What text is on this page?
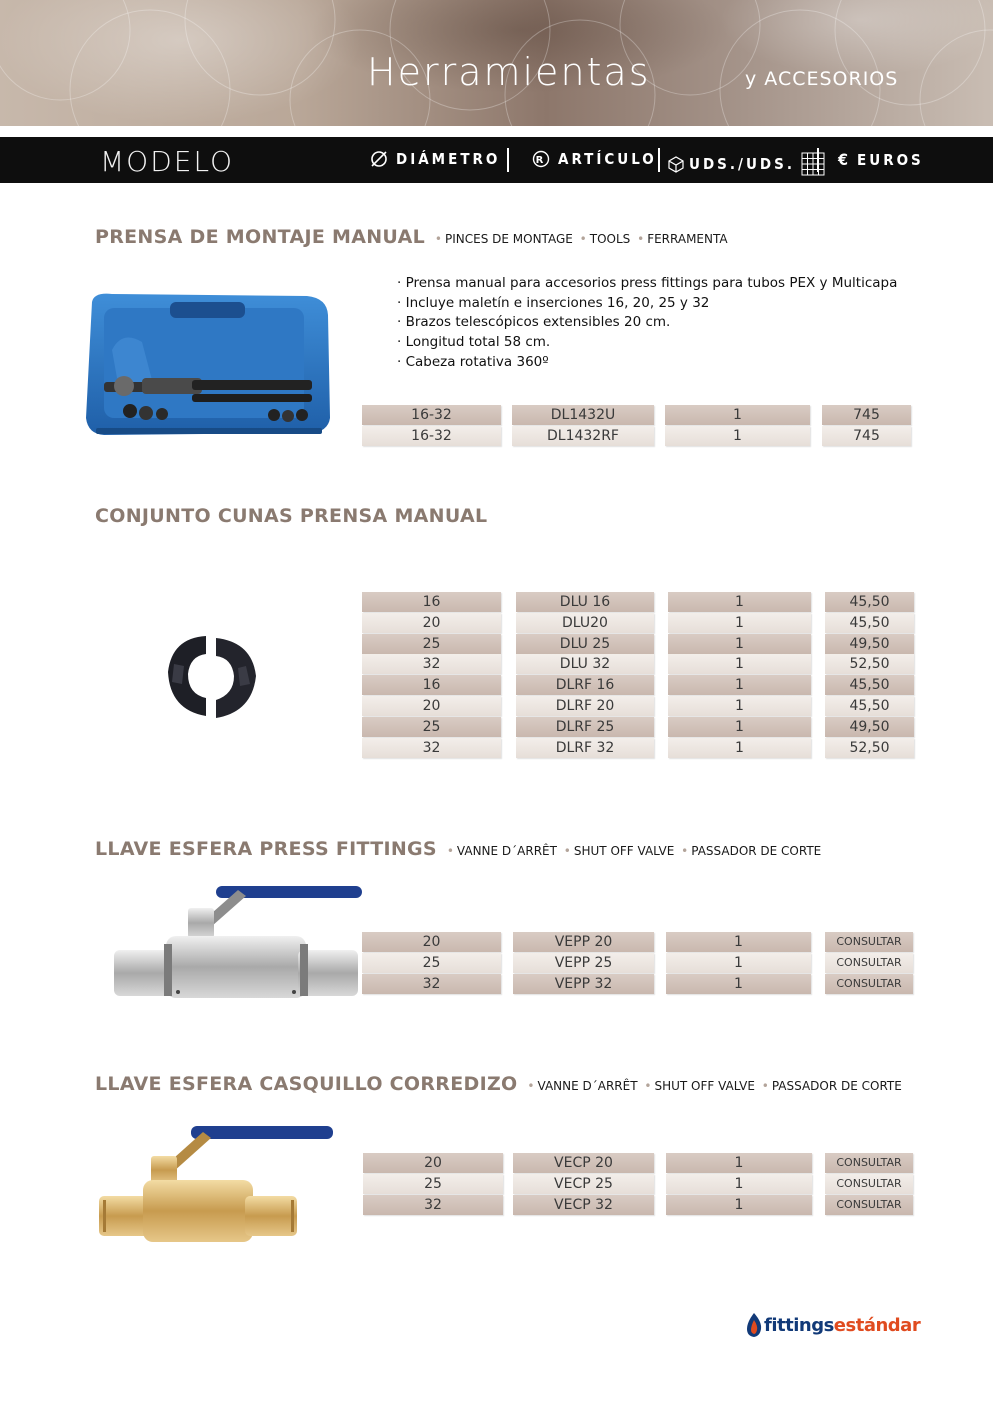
Herramientas	y ACCESORIOS
MODELO	DIÁMETRO	R ARTÍCULO UDS./UDS.	€ EUROS
PRENSA DE MONTAJE MANUAL • PINCES DE MONTAGE • TOOLS • FERRAMENTA
· Prensa manual para accesorios press fittings para tubos PEX y Multicapa
· Incluye maletín e inserciones 16, 20, 25 y 32
· Brazos telescópicos extensibles 20 cm.
· Longitud total 58 cm.
· Cabeza rotativa 360º
16-32	DL1432U	1	745
16-32	DL1432RF	1	745
CONJUNTO CUNAS PRENSA MANUAL
16	DLU 16	1	45,50
20	DLU20	1	45,50
25	DLU 25	1	49,50
32	DLU 32	1	52,50
16	DLRF 16	1	45,50
20	DLRF 20	1	45,50
25	DLRF 25	1	49,50
32	DLRF 32	1	52,50
LLAVE ESFERA PRESS FITTINGS • VANNE D´ARRÊT • SHUT OFF VALVE • PASSADOR DE CORTE
20	VEPP 20	1	CONSULTAR
25	VEPP 25	1	CONSULTAR
32	VEPP 32	1	CONSULTAR
LLAVE ESFERA CASQUILLO CORREDIZO • VANNE D´ARRÊT • SHUT OFF VALVE • PASSADOR DE CORTE
20	VECP 20	1	CONSULTAR
25	VECP 25	1	CONSULTAR
32	VECP 32	1	CONSULTAR
fittingsestándar
